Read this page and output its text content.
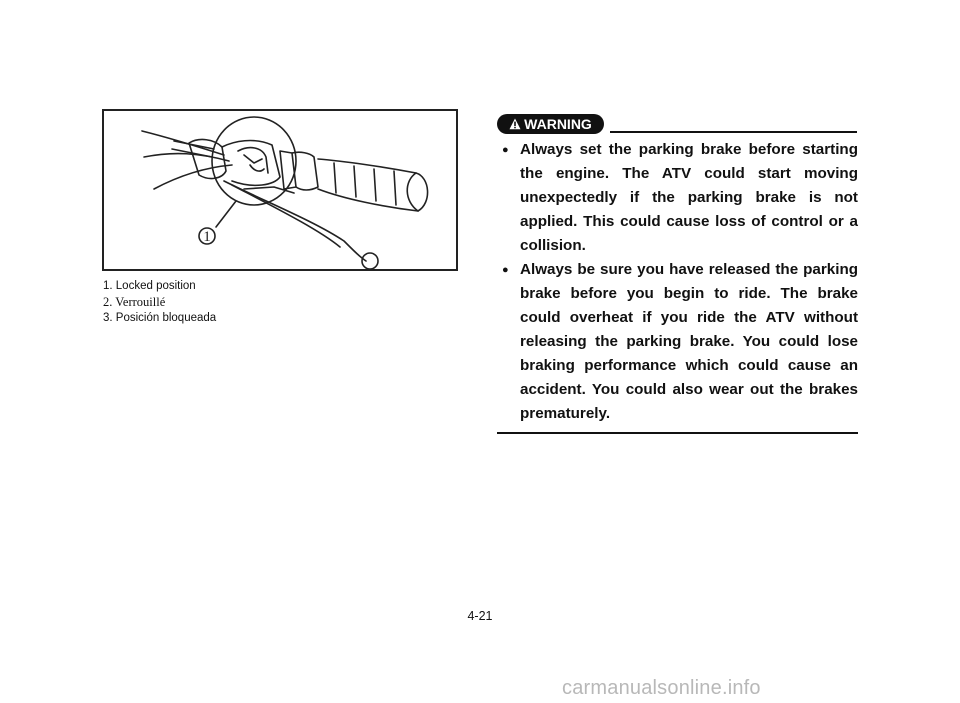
1
1. Locked position
2. Verrouillé
3. Posición bloqueada
WARNING
● Always set the parking brake before starting the engine. The ATV could start moving unexpectedly if the parking brake is not applied. This could cause loss of control or a collision.
● Always be sure you have released the parking brake before you begin to ride. The brake could overheat if you ride the ATV without releasing the parking brake. You could lose braking performance which could cause an accident. You could also wear out the brakes prematurely.
4-21
carmanualsonline.info
